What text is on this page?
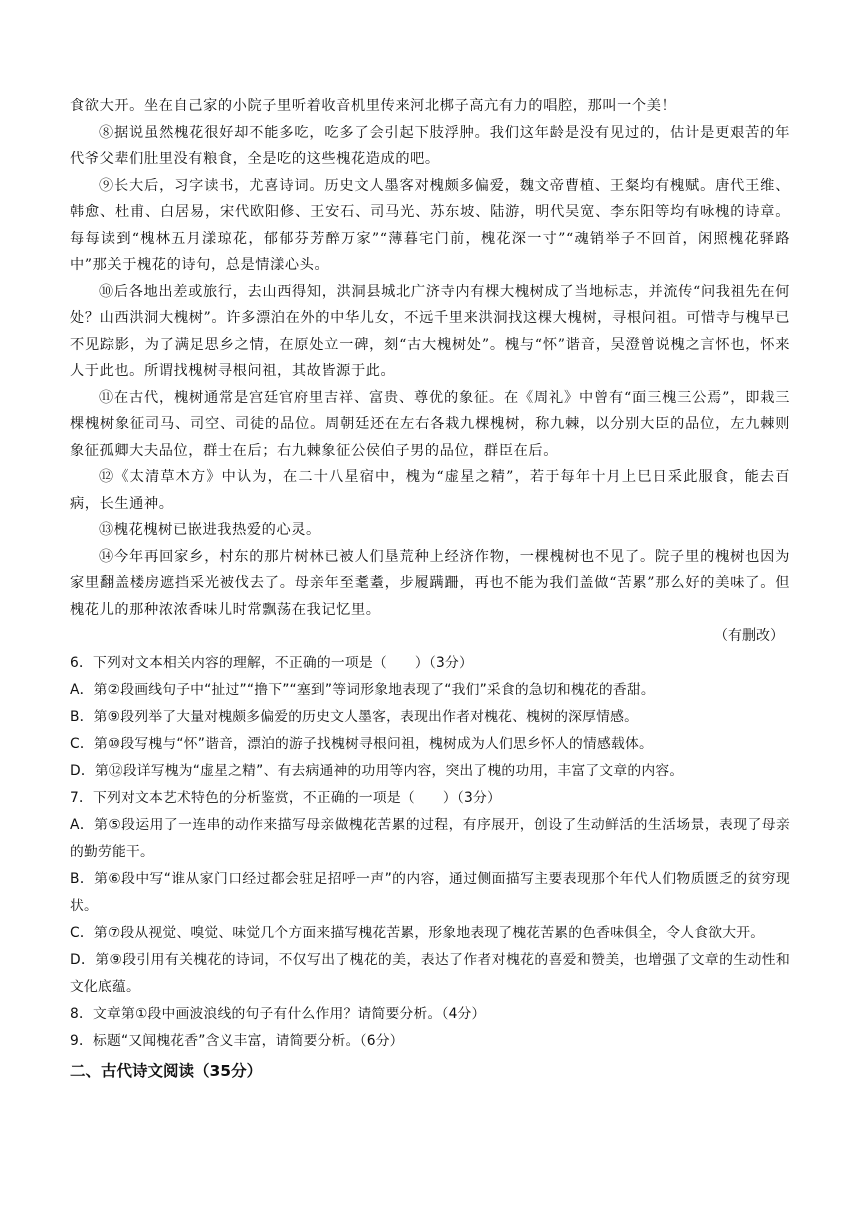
食欲大开。坐在自己家的小院子里听着收音机里传来河北梆子高亢有力的唱腔，那叫一个美！

⑧据说虽然槐花很好却不能多吃，吃多了会引起下肢浮肿。我们这年龄是没有见过的，估计是更艰苦的年代爷父辈们肚里没有粮食，全是吃的这些槐花造成的吧。

⑨长大后，习字读书，尤喜诗词。历史文人墨客对槐颇多偏爱，魏文帝曹植、王粲均有槐赋。唐代王维、韩愈、杜甫、白居易，宋代欧阳修、王安石、司马光、苏东坡、陆游，明代吴宽、李东阳等均有咏槐的诗章。每每读到“槐林五月漾琼花，郁郁芬芳醉万家”“薄暮宅门前，槐花深一寸”“魂销举子不回首，闲照槐花驿路中”那关于槐花的诗句，总是情漾心头。

⑩后各地出差或旅行，去山西得知，洪洞县城北广济寺内有棵大槐树成了当地标志，并流传“问我祖先在何处？山西洪洞大槐树”。许多漂泊在外的中华儿女，不远千里来洪洞找这棵大槐树，寻根问祖。可惜寺与槐早已不见踪影，为了满足思乡之情，在原处立一碑，刻“古大槐树处”。槐与“怀”谐音，吴澄曾说槐之言怀也，怀来人于此也。所谓找槐树寻根问祖，其故皆源于此。

⑪在古代，槐树通常是宫廷官府里吉祥、富贵、尊优的象征。在《周礼》中曾有“面三槐三公焉”，即栽三棵槐树象征司马、司空、司徒的品位。周朝廷还在左右各栽九棵槐树，称九棘，以分别大臣的品位，左九棘则象征孤卿大夫品位，群士在后；右九棘象征公侯伯子男的品位，群臣在后。

⑫《太清草木方》中认为，在二十八星宿中，槐为“虚星之精”，若于每年十月上巳日采此服食，能去百病，长生通神。

⑬槐花槐树已嵌进我热爱的心灵。

⑭今年再回家乡，村东的那片树林已被人们垦荒种上经济作物，一棵槐树也不见了。院子里的槐树也因为家里翻盖楼房遮挡采光被伐去了。母亲年至耄耋，步履蹒跚，再也不能为我们盖做“苦累”那么好的美味了。但槐花儿的那种浓浓香味儿时常飘荡在我记忆里。

（有删改）

6．下列对文本相关内容的理解，不正确的一项是（　　）（3分）

A．第②段画线句子中“扯过”“撸下”“塞到”等词形象地表现了“我们”采食的急切和槐花的香甜。

B．第⑨段列举了大量对槐颇多偏爱的历史文人墨客，表现出作者对槐花、槐树的深厚情感。

C．第⑩段写槐与“怀”谐音，漂泊的游子找槐树寻根问祖，槐树成为人们思乡怀人的情感载体。

D．第⑫段详写槐为“虚星之精”、有去病通神的功用等内容，突出了槐的功用，丰富了文章的内容。

7．下列对文本艺术特色的分析鉴赏，不正确的一项是（　　）（3分）

A．第⑤段运用了一连串的动作来描写母亲做槐花苦累的过程，有序展开，创设了生动鲜活的生活场景，表现了母亲的勤劳能干。

B．第⑥段中写“谁从家门口经过都会驻足招呼一声”的内容，通过侧面描写主要表现那个年代人们物质匮乏的贫穷现状。

C．第⑦段从视觉、嗅觉、味觉几个方面来描写槐花苦累，形象地表现了槐花苦累的色香味俱全，令人食欲大开。

D．第⑨段引用有关槐花的诗词，不仅写出了槐花的美，表达了作者对槐花的喜爱和赞美，也增强了文章的生动性和文化底蕴。

8．文章第①段中画波浪线的句子有什么作用？请简要分析。（4分）

9．标题“又闻槐花香”含义丰富，请简要分析。（6分）

二、古代诗文阅读（35分）
